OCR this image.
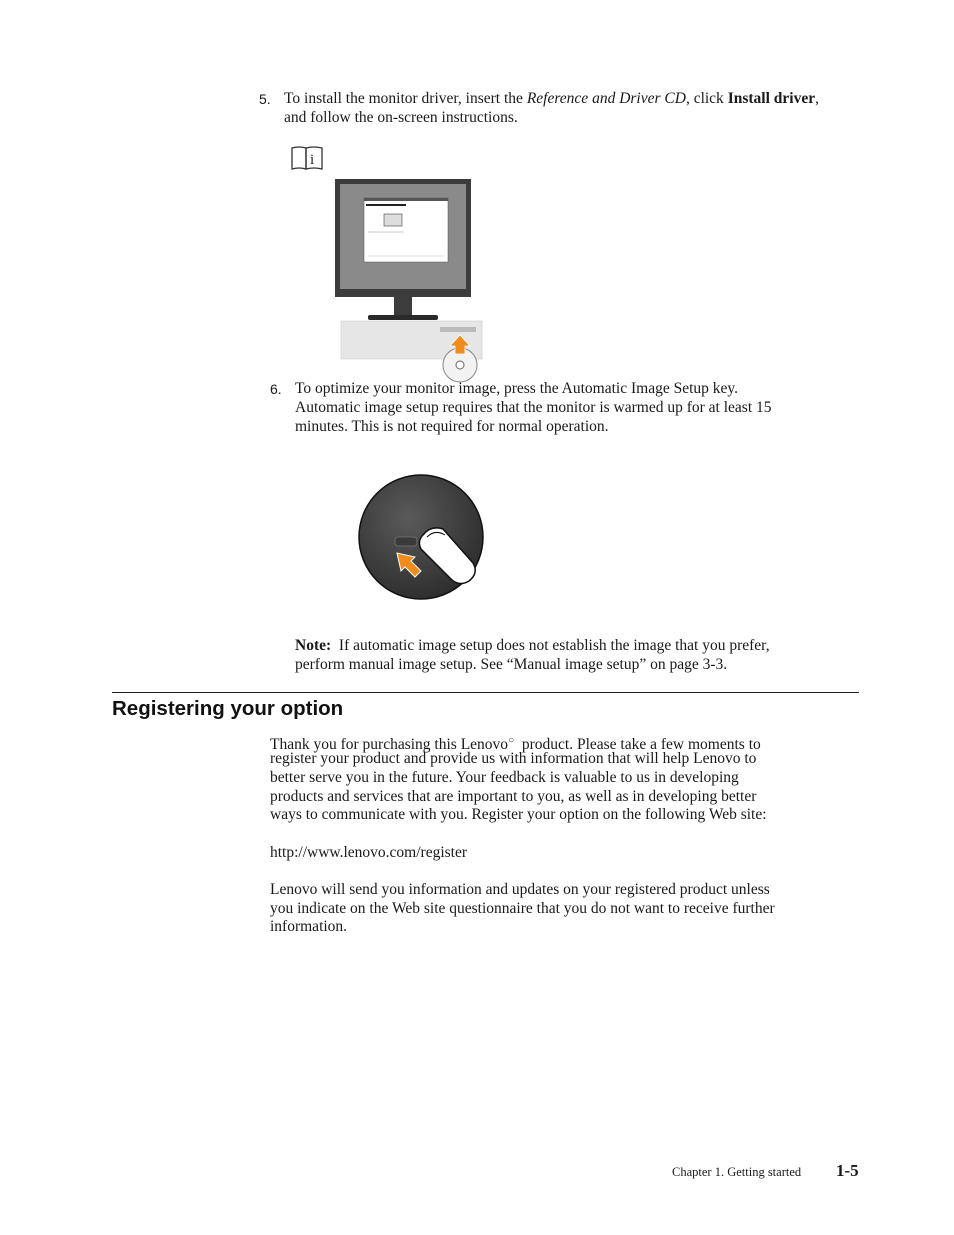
5. To install the monitor driver, insert the Reference and Driver CD, click Install driver, and follow the on-screen instructions.

i
6. To optimize your monitor image, press the Automatic Image Setup key.

Automatic image setup requires that the monitor is warmed up for at least 15

minutes. This is not required for normal operation.

Note: If automatic image setup does not establish the image that you prefer,

perform manual image setup. See “Manual image setup” on page 3-3.

Registering your option

Thank you for purchasing this Lenovo○ product. Please take a few moments to

register your product and provide us with information that will help Lenovo to

better serve you in the future. Your feedback is valuable to us in developing

products and services that are important to you, as well as in developing better

ways to communicate with you. Register your option on the following Web site:

http://www.lenovo.com/register

Lenovo will send you information and updates on your registered product unless

you indicate on the Web site questionnaire that you do not want to receive further

information.

Chapter 1. Getting started 1-5
